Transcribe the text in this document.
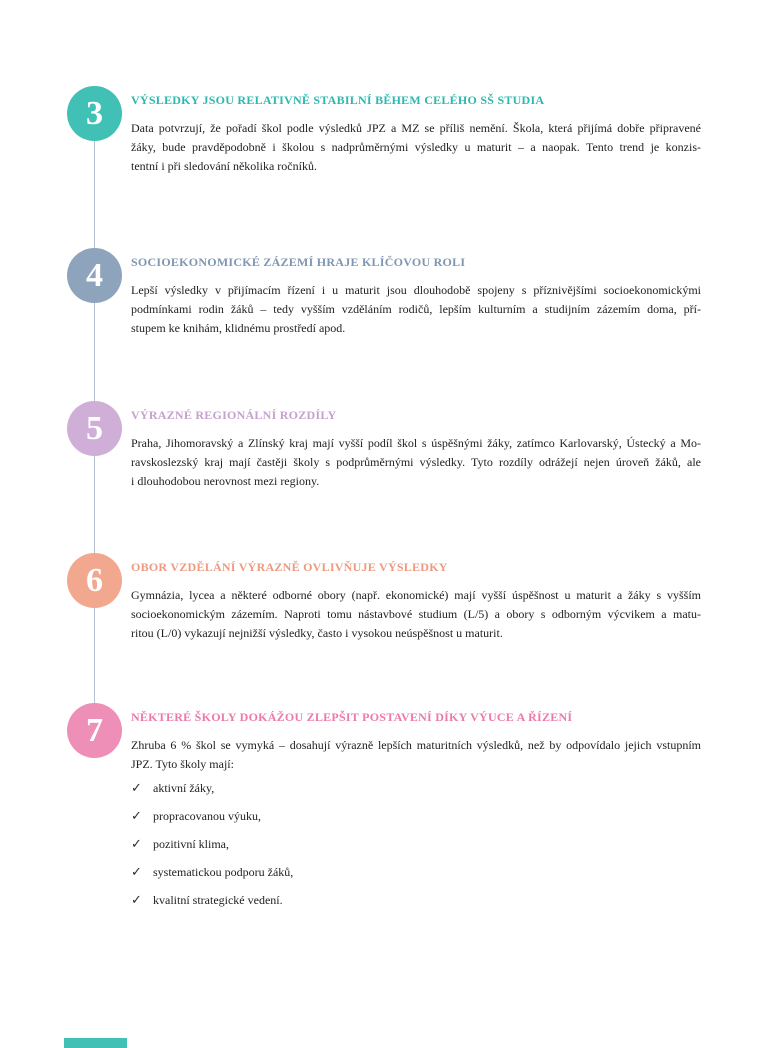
3	VÝSLEDKY JSOU RELATIVNĚ STABILNÍ BĚHEM CELÉHO SŠ STUDIA
Data potvrzují, že pořadí škol podle výsledků JPZ a MZ se příliš nemění. Škola, která přijímá dobře připravené
žáky, bude pravděpodobně i školou s nadprůměrnými výsledky u maturit – a naopak. Tento trend je konzis-
tentní i při sledování několika ročníků.
4	SOCIOEKONOMICKÉ ZÁZEMÍ HRAJE KLÍČOVOU ROLI
Lepší výsledky v přijímacím řízení i u maturit jsou dlouhodobě spojeny s příznivějšími socioekonomickými
podmínkami rodin žáků – tedy vyšším vzděláním rodičů, lepším kulturním a studijním zázemím doma, pří-
stupem ke knihám, klidnému prostředí apod.
5	VÝRAZNÉ REGIONÁLNÍ ROZDÍLY
Praha, Jihomoravský a Zlínský kraj mají vyšší podíl škol s úspěšnými žáky, zatímco Karlovarský, Ústecký a Mo-
ravskoslezský kraj mají častěji školy s podprůměrnými výsledky. Tyto rozdíly odrážejí nejen úroveň žáků, ale
i dlouhodobou nerovnost mezi regiony.
6	OBOR VZDĚLÁNÍ VÝRAZNĚ OVLIVŇUJE VÝSLEDKY
Gymnázia, lycea a některé odborné obory (např. ekonomické) mají vyšší úspěšnost u maturit a žáky s vyšším
socioekonomickým zázemím. Naproti tomu nástavbové studium (L/5) a obory s odborným výcvikem a matu-
ritou (L/0) vykazují nejnižší výsledky, často i vysokou neúspěšnost u maturit.
7	NĚKTERÉ ŠKOLY DOKÁŽOU ZLEPŠIT POSTAVENÍ DÍKY VÝUCE A ŘÍZENÍ
Zhruba 6 % škol se vymyká – dosahují výrazně lepších maturitních výsledků, než by odpovídalo jejich vstupním
JPZ. Tyto školy mají:
✓ aktivní žáky,
✓ propracovanou výuku,
✓ pozitivní klima,
✓ systematickou podporu žáků,
✓ kvalitní strategické vedení.
